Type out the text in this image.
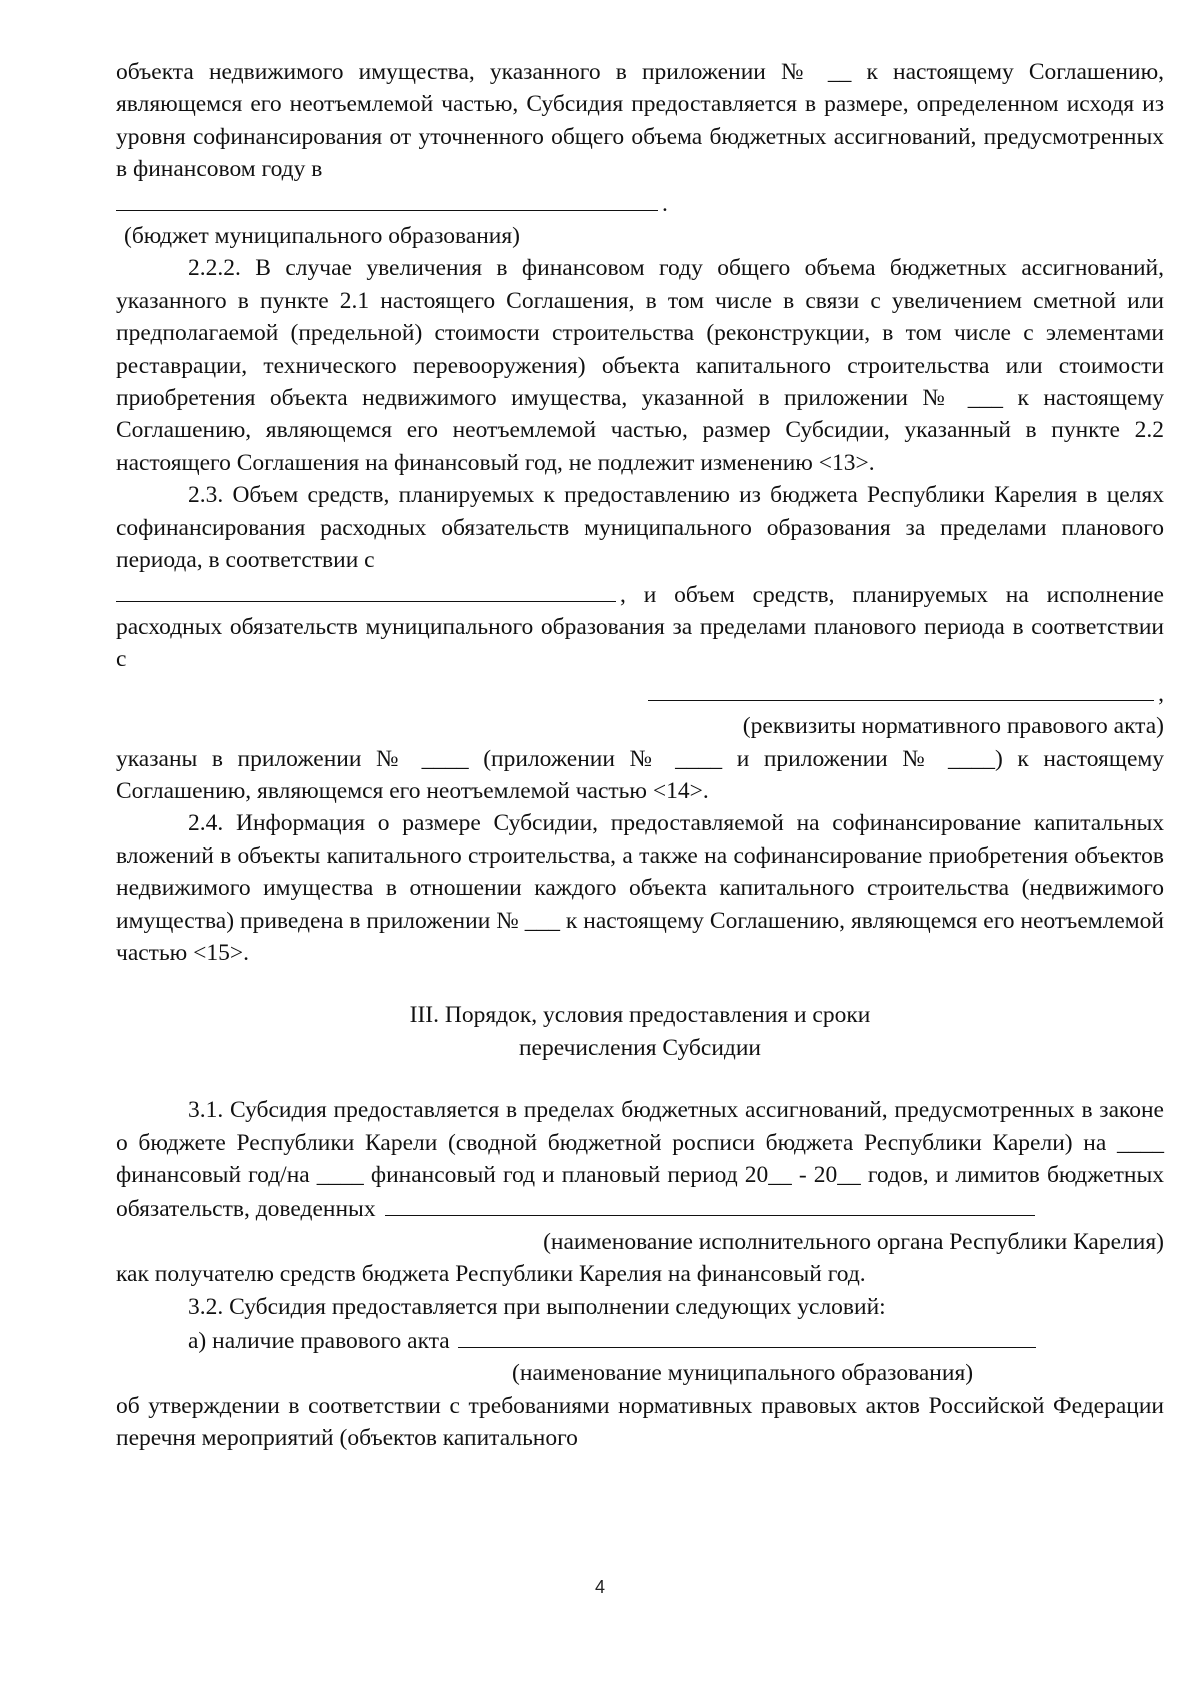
объекта недвижимого имущества, указанного в приложении № __ к настоящему Соглашению, являющемся его неотъемлемой частью, Субсидия предоставляется в размере, определенном исходя из уровня софинансирования от уточненного общего объема бюджетных ассигнований, предусмотренных в финансовом году в

.

(бюджет муниципального образования)

2.2.2. В случае увеличения в финансовом году общего объема бюджетных ассигнований, указанного в пункте 2.1 настоящего Соглашения, в том числе в связи с увеличением сметной или предполагаемой (предельной) стоимости строительства (реконструкции, в том числе с элементами реставрации, технического перевооружения) объекта капитального строительства или стоимости приобретения объекта недвижимого имущества, указанной в приложении № ___ к настоящему Соглашению, являющемся его неотъемлемой частью, размер Субсидии, указанный в пункте 2.2 настоящего Соглашения на финансовый год, не подлежит изменению <13>.

2.3. Объем средств, планируемых к предоставлению из бюджета Республики Карелия в целях софинансирования расходных обязательств муниципального образования за пределами планового периода, в соответствии с

, и объем средств, планируемых на исполнение расходных обязательств муниципального образования за пределами планового периода в соответствии с

,

(реквизиты нормативного правового акта)

указаны в приложении № ____ (приложении № ____ и приложении № ____) к настоящему Соглашению, являющемся его неотъемлемой частью <14>.

2.4. Информация о размере Субсидии, предоставляемой на софинансирование капитальных вложений в объекты капитального строительства, а также на софинансирование приобретения объектов недвижимого имущества в отношении каждого объекта капитального строительства (недвижимого имущества) приведена в приложении № ___ к настоящему Соглашению, являющемся его неотъемлемой частью <15>.

III. Порядок, условия предоставления и сроки

перечисления Субсидии

3.1. Субсидия предоставляется в пределах бюджетных ассигнований, предусмотренных в законе о бюджете Республики Карели (сводной бюджетной росписи бюджета Республики Карели) на ____ финансовый год/на ____ финансовый год и плановый период 20__ - 20__ годов, и лимитов бюджетных обязательств, доведенных

(наименование исполнительного органа Республики Карелия)

как получателю средств бюджета Республики Карелия на финансовый год.

3.2. Субсидия предоставляется при выполнении следующих условий:

а) наличие правового акта

(наименование муниципального образования)

об утверждении в соответствии с требованиями нормативных правовых актов Российской Федерации перечня мероприятий (объектов капитального

4
